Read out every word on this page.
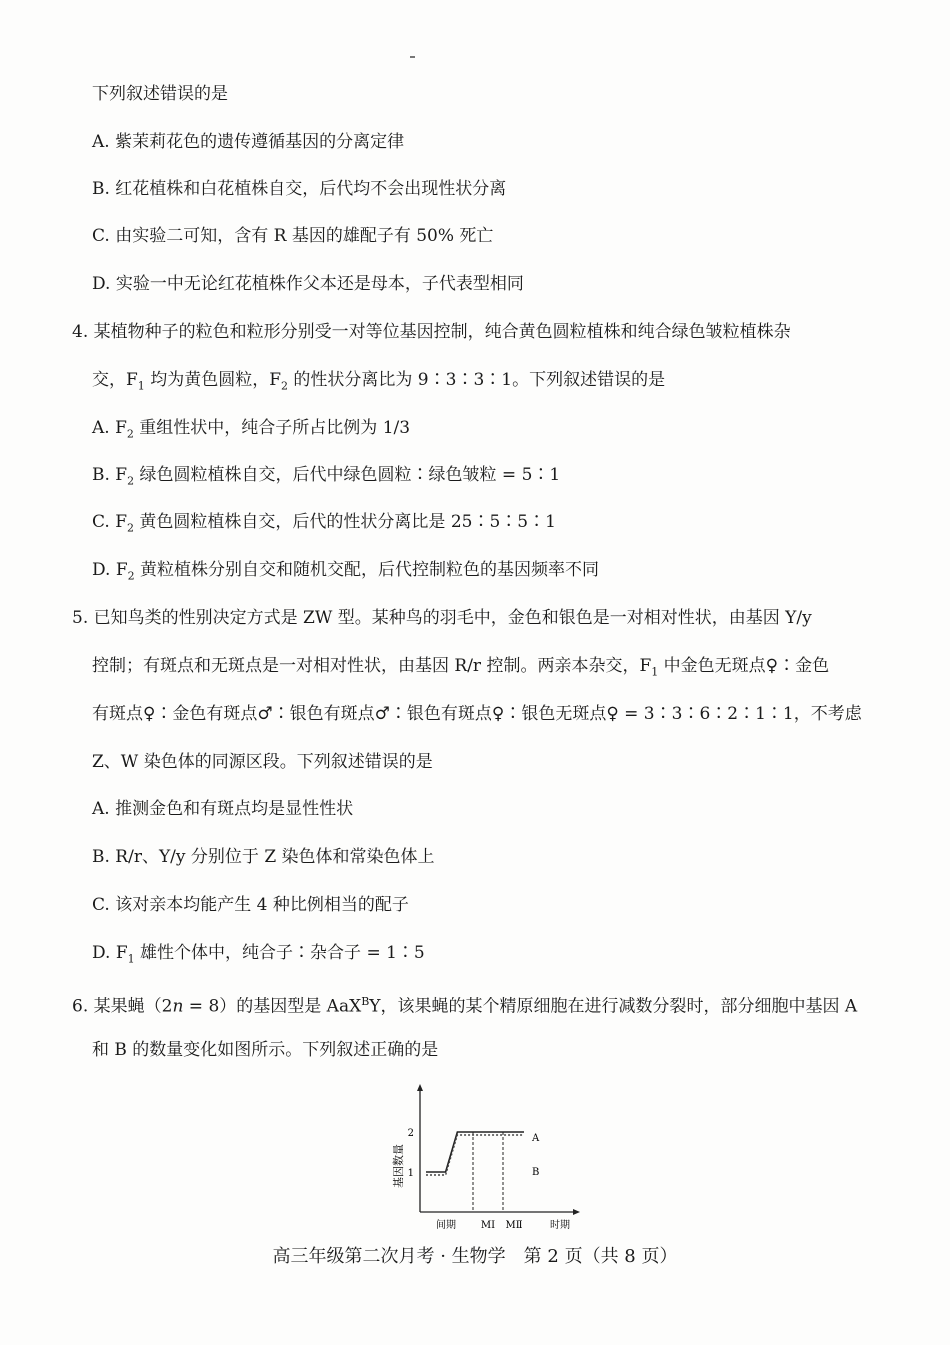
下列叙述错误的是
A. 紫茉莉花色的遗传遵循基因的分离定律
B. 红花植株和白花植株自交，后代均不会出现性状分离
C. 由实验二可知，含有 R 基因的雄配子有 50% 死亡
D. 实验一中无论红花植株作父本还是母本，子代表型相同
4. 某植物种子的粒色和粒形分别受一对等位基因控制，纯合黄色圆粒植株和纯合绿色皱粒植株杂
交，$F_1$ 均为黄色圆粒，$F_2$ 的性状分离比为 9∶3∶3∶1。下列叙述错误的是
A. $F_2$ 重组性状中，纯合子所占比例为 1/3
B. $F_2$ 绿色圆粒植株自交，后代中绿色圆粒∶绿色皱粒 = 5∶1
C. $F_2$ 黄色圆粒植株自交，后代的性状分离比是 25∶5∶5∶1
D. $F_2$ 黄粒植株分别自交和随机交配，后代控制粒色的基因频率不同
5. 已知鸟类的性别决定方式是 ZW 型。某种鸟的羽毛中，金色和银色是一对相对性状，由基因 Y/y
控制；有斑点和无斑点是一对相对性状，由基因 R/r 控制。两亲本杂交，$F_1$ 中金色无斑点♀∶金色
有斑点♀∶金色有斑点♂∶银色有斑点♂∶银色有斑点♀∶银色无斑点♀ = 3∶3∶6∶2∶1∶1，不考虑
Z、W 染色体的同源区段。下列叙述错误的是
A. 推测金色和有斑点均是显性性状
B. R/r、Y/y 分别位于 Z 染色体和常染色体上
C. 该对亲本均能产生 4 种比例相当的配子
D. $F_1$ 雄性个体中，纯合子∶杂合子 = 1∶5
6. 某果蝇（2n = 8）的基因型是 AaX$^B$Y，该果蝇的某个精原细胞在进行减数分裂时，部分细胞中基因 A
和 B 的数量变化如图所示。下列叙述正确的是
基因数量
2
1
A
B
间期 MⅠ MⅡ	时期
高三年级第二次月考 · 生物学　第 2 页（共 8 页）
